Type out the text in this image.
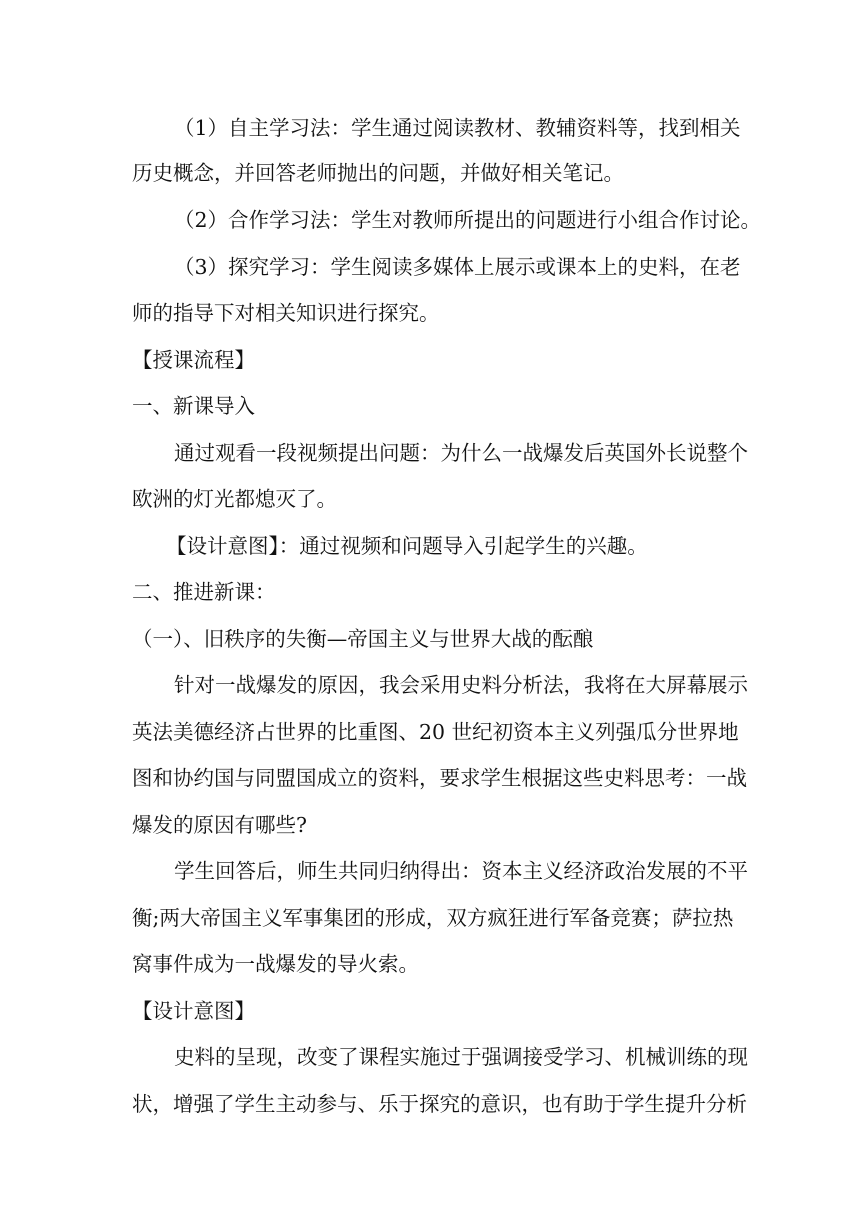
（1）自主学习法：学生通过阅读教材、教辅资料等，找到相关
历史概念，并回答老师抛出的问题，并做好相关笔记。
（2）合作学习法：学生对教师所提出的问题进行小组合作讨论。
（3）探究学习：学生阅读多媒体上展示或课本上的史料，在老
师的指导下对相关知识进行探究。
【授课流程】
一、新课导入
通过观看一段视频提出问题：为什么一战爆发后英国外长说整个
欧洲的灯光都熄灭了。
【设计意图】：通过视频和问题导入引起学生的兴趣。
二、推进新课：
（一）、旧秩序的失衡—帝国主义与世界大战的酝酿
针对一战爆发的原因，我会采用史料分析法，我将在大屏幕展示
英法美德经济占世界的比重图、20 世纪初资本主义列强瓜分世界地
图和协约国与同盟国成立的资料，要求学生根据这些史料思考：一战
爆发的原因有哪些?
学生回答后，师生共同归纳得出：资本主义经济政治发展的不平
衡;两大帝国主义军事集团的形成，双方疯狂进行军备竞赛；萨拉热
窝事件成为一战爆发的导火索。
【设计意图】
史料的呈现，改变了课程实施过于强调接受学习、机械训练的现
状，增强了学生主动参与、乐于探究的意识，也有助于学生提升分析
